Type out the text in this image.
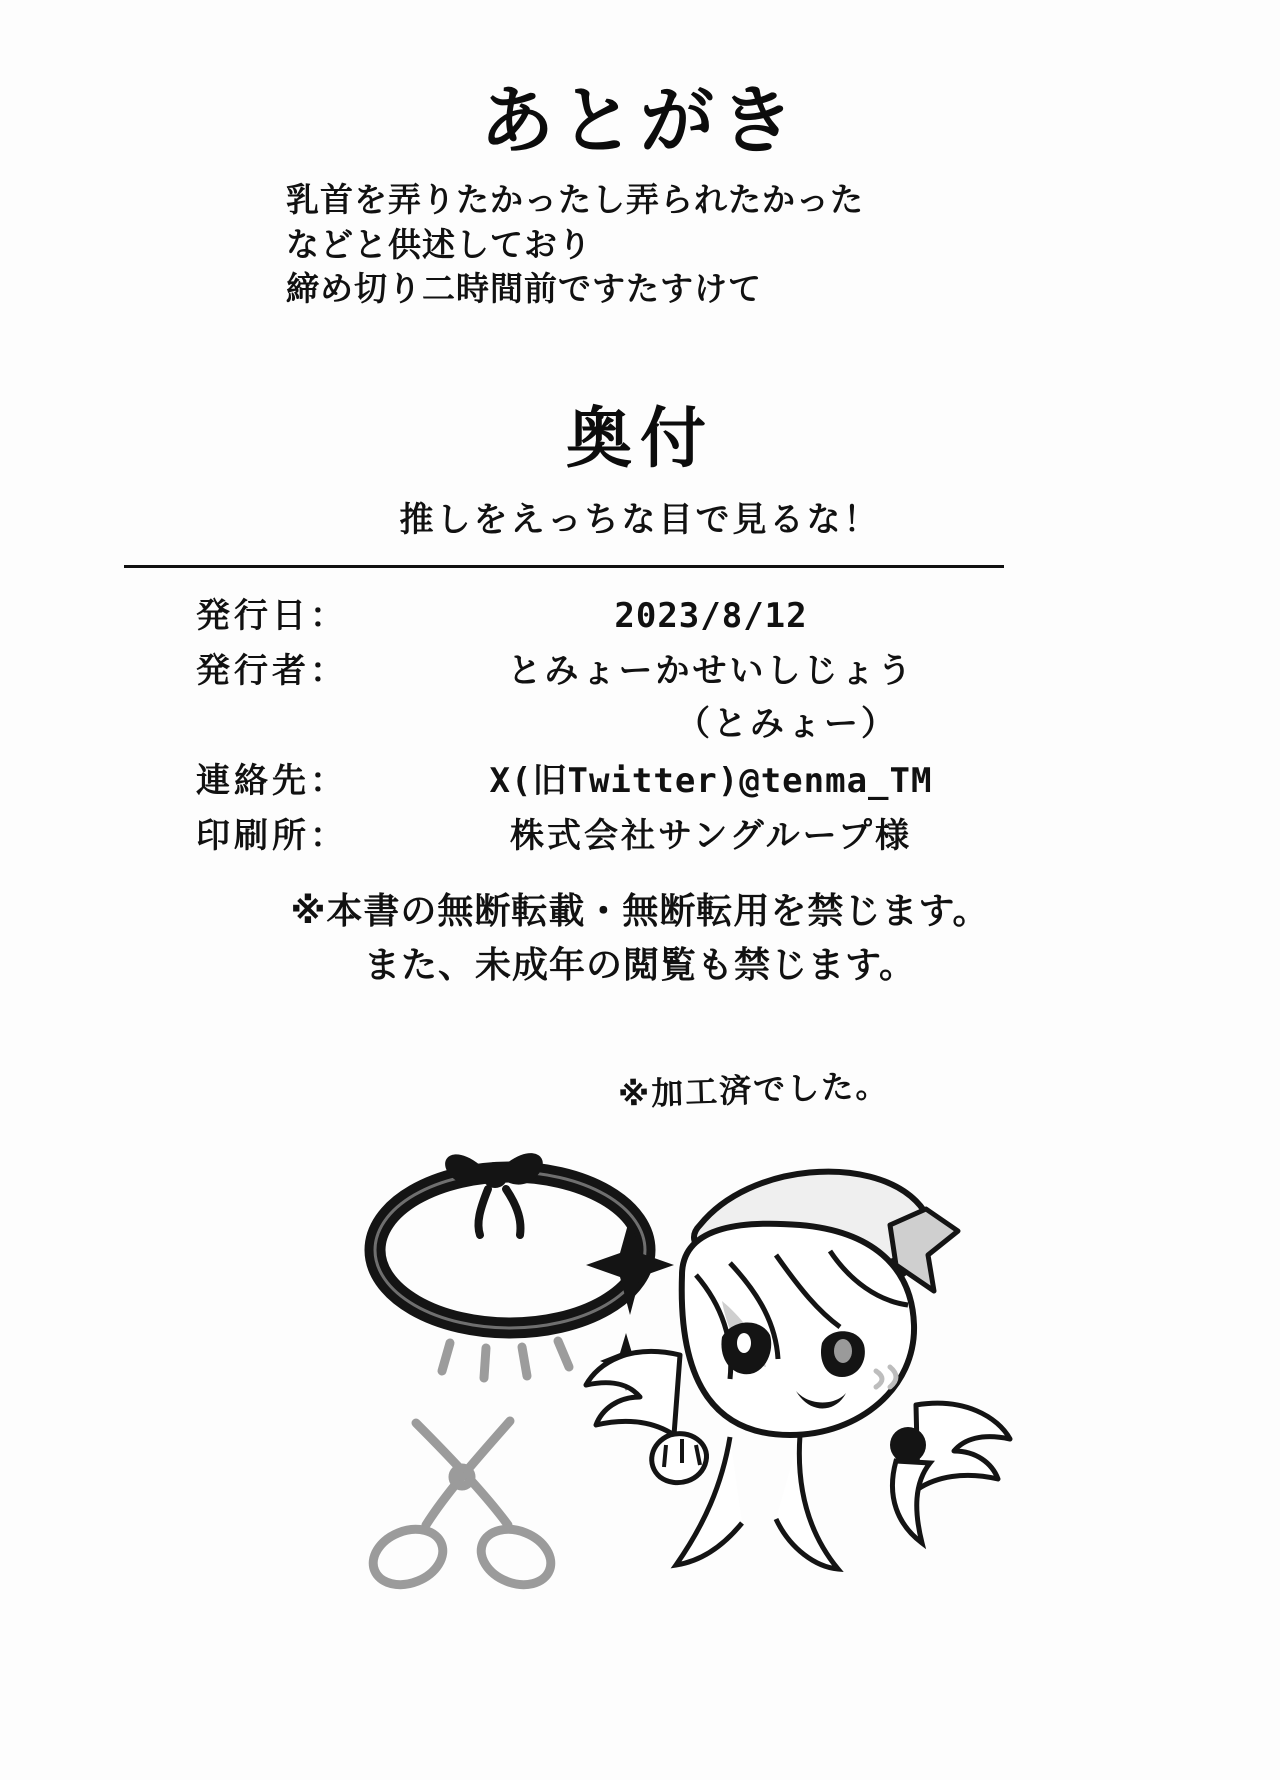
あとがき
乳首を弄りたかったし弄られたかった
などと供述しており
締め切り二時間前ですたすけて
奥付
推しをえっちな目で見るな！
発行日：	2023/8/12
発行者：	とみょーかせいしじょう
（とみょー）
連絡先：	X(旧Twitter)@tenma_TM
印刷所：	株式会社サングループ様
※本書の無断転載・無断転用を禁じます。
また、未成年の閲覧も禁じます。
※加工済でした。
